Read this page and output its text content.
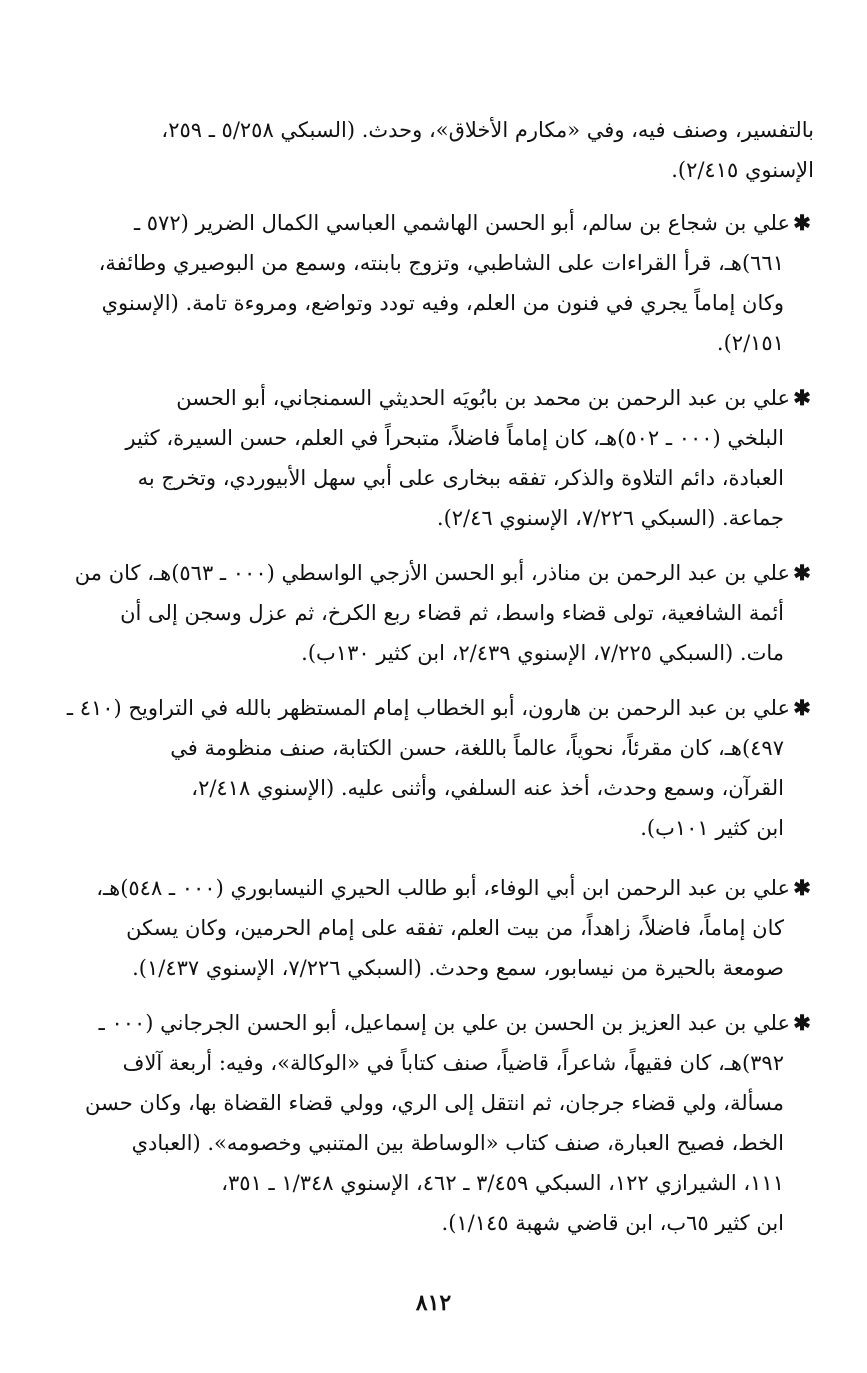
بالتفسير، وصنف فيه، وفي «مكارم الأخلاق»، وحدث. (السبكي ٥/٢٥٨ ـ ٢٥٩،
الإسنوي ٢/٤١٥).
✱علي بن شجاع بن سالم، أبو الحسن الهاشمي العباسي الكمال الضرير (٥٧٢ ـ
٦٦١)هـ، قرأ القراءات على الشاطبي، وتزوج بابنته، وسمع من البوصيري وطائفة،
وكان إماماً يجري في فنون من العلم، وفيه تودد وتواضع، ومروءة تامة. (الإسنوي
٢/١٥١).
✱علي بن عبد الرحمن بن محمد بن بابُويَه الحديثي السمنجاني، أبو الحسن
البلخي (٠٠٠ ـ ٥٠٢)هـ، كان إماماً فاضلاً، متبحراً في العلم، حسن السيرة، كثير
العبادة، دائم التلاوة والذكر، تفقه ببخارى على أبي سهل الأبيوردي، وتخرج به
جماعة. (السبكي ٧/٢٢٦، الإسنوي ٢/٤٦).
✱علي بن عبد الرحمن بن مناذر، أبو الحسن الأزجي الواسطي (٠٠٠ ـ ٥٦٣)هـ، كان من
أئمة الشافعية، تولى قضاء واسط، ثم قضاء ربع الكرخ، ثم عزل وسجن إلى أن
مات. (السبكي ٧/٢٢٥، الإسنوي ٢/٤٣٩، ابن كثير ١٣٠ب).
✱علي بن عبد الرحمن بن هارون، أبو الخطاب إمام المستظهر بالله في التراويح (٤١٠ ـ
٤٩٧)هـ، كان مقرئاً، نحوياً، عالماً باللغة، حسن الكتابة، صنف منظومة في
القرآن، وسمع وحدث، أخذ عنه السلفي، وأثنى عليه. (الإسنوي ٢/٤١٨،
ابن كثير ١٠١ب).
✱علي بن عبد الرحمن ابن أبي الوفاء، أبو طالب الحيري النيسابوري (٠٠٠ ـ ٥٤٨)هـ،
كان إماماً، فاضلاً، زاهداً، من بيت العلم، تفقه على إمام الحرمين، وكان يسكن
صومعة بالحيرة من نيسابور، سمع وحدث. (السبكي ٧/٢٢٦، الإسنوي ١/٤٣٧).
✱علي بن عبد العزيز بن الحسن بن علي بن إسماعيل، أبو الحسن الجرجاني (٠٠٠ ـ
٣٩٢)هـ، كان فقيهاً، شاعراً، قاضياً، صنف كتاباً في «الوكالة»، وفيه: أربعة آلاف
مسألة، ولي قضاء جرجان، ثم انتقل إلى الري، وولي قضاء القضاة بها، وكان حسن
الخط، فصيح العبارة، صنف كتاب «الوساطة بين المتنبي وخصومه». (العبادي
١١١، الشيرازي ١٢٢، السبكي ٣/٤٥٩ ـ ٤٦٢، الإسنوي ١/٣٤٨ ـ ٣٥١،
ابن كثير ٦٥ب، ابن قاضي شهبة ١/١٤٥).
٨١٢
